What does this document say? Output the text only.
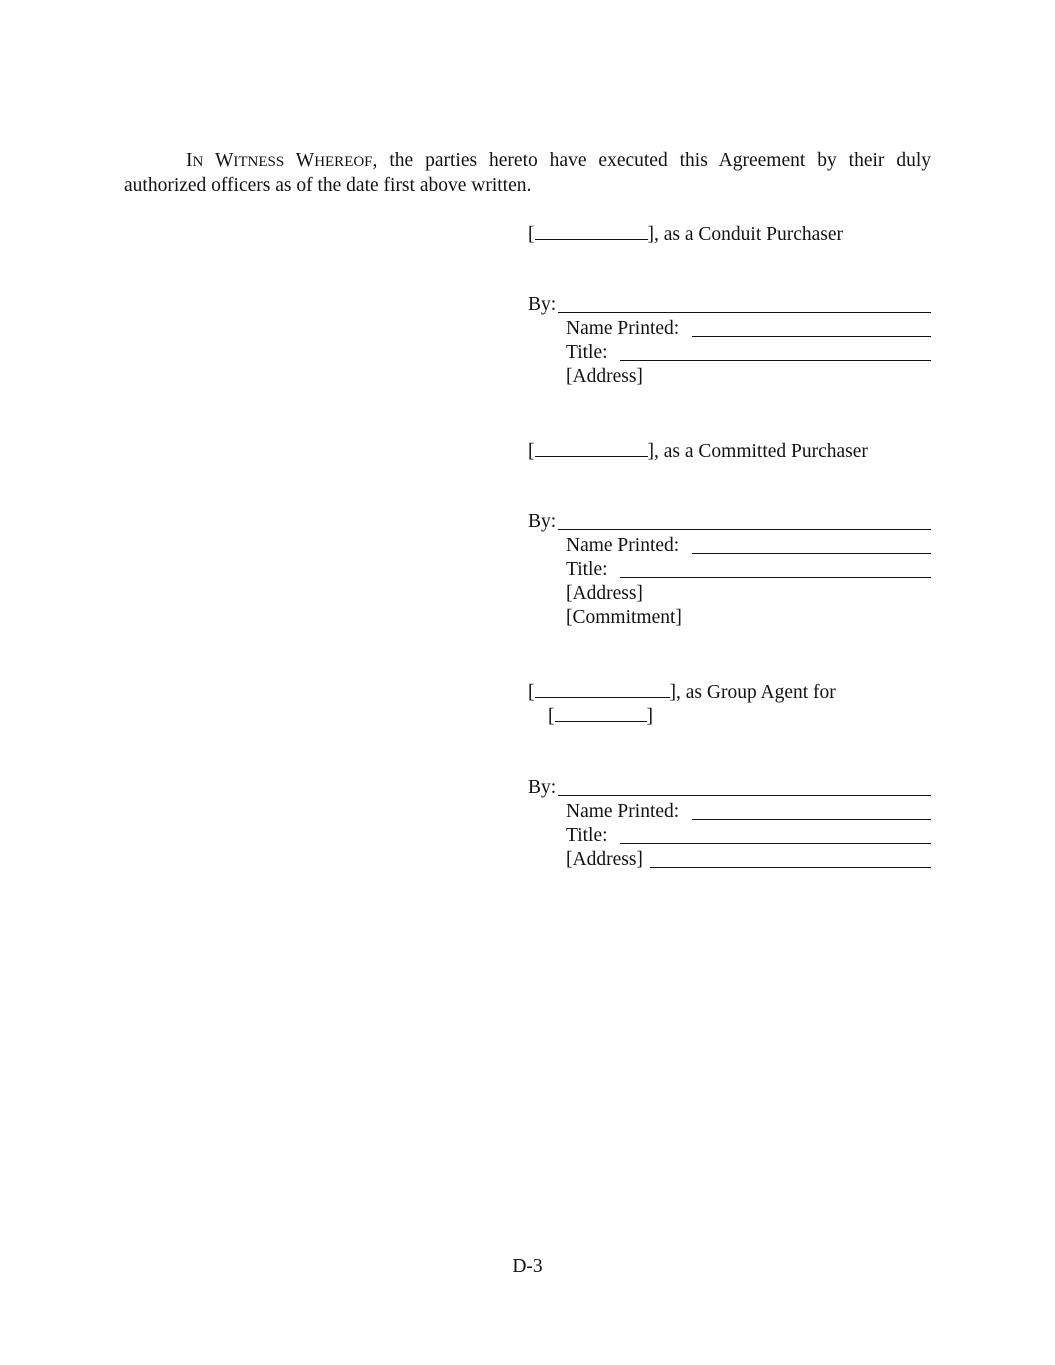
IN WITNESS WHEREOF, the parties hereto have executed this Agreement by their duly authorized officers as of the date first above written.
[	], as a Conduit Purchaser
By:
Name Printed:
Title:
[Address]
[	], as a Committed Purchaser
By:
Name Printed:
Title:
[Address]
[Commitment]
[	], as Group Agent for
[	]
By:
Name Printed:
Title:
[Address]
D-3
